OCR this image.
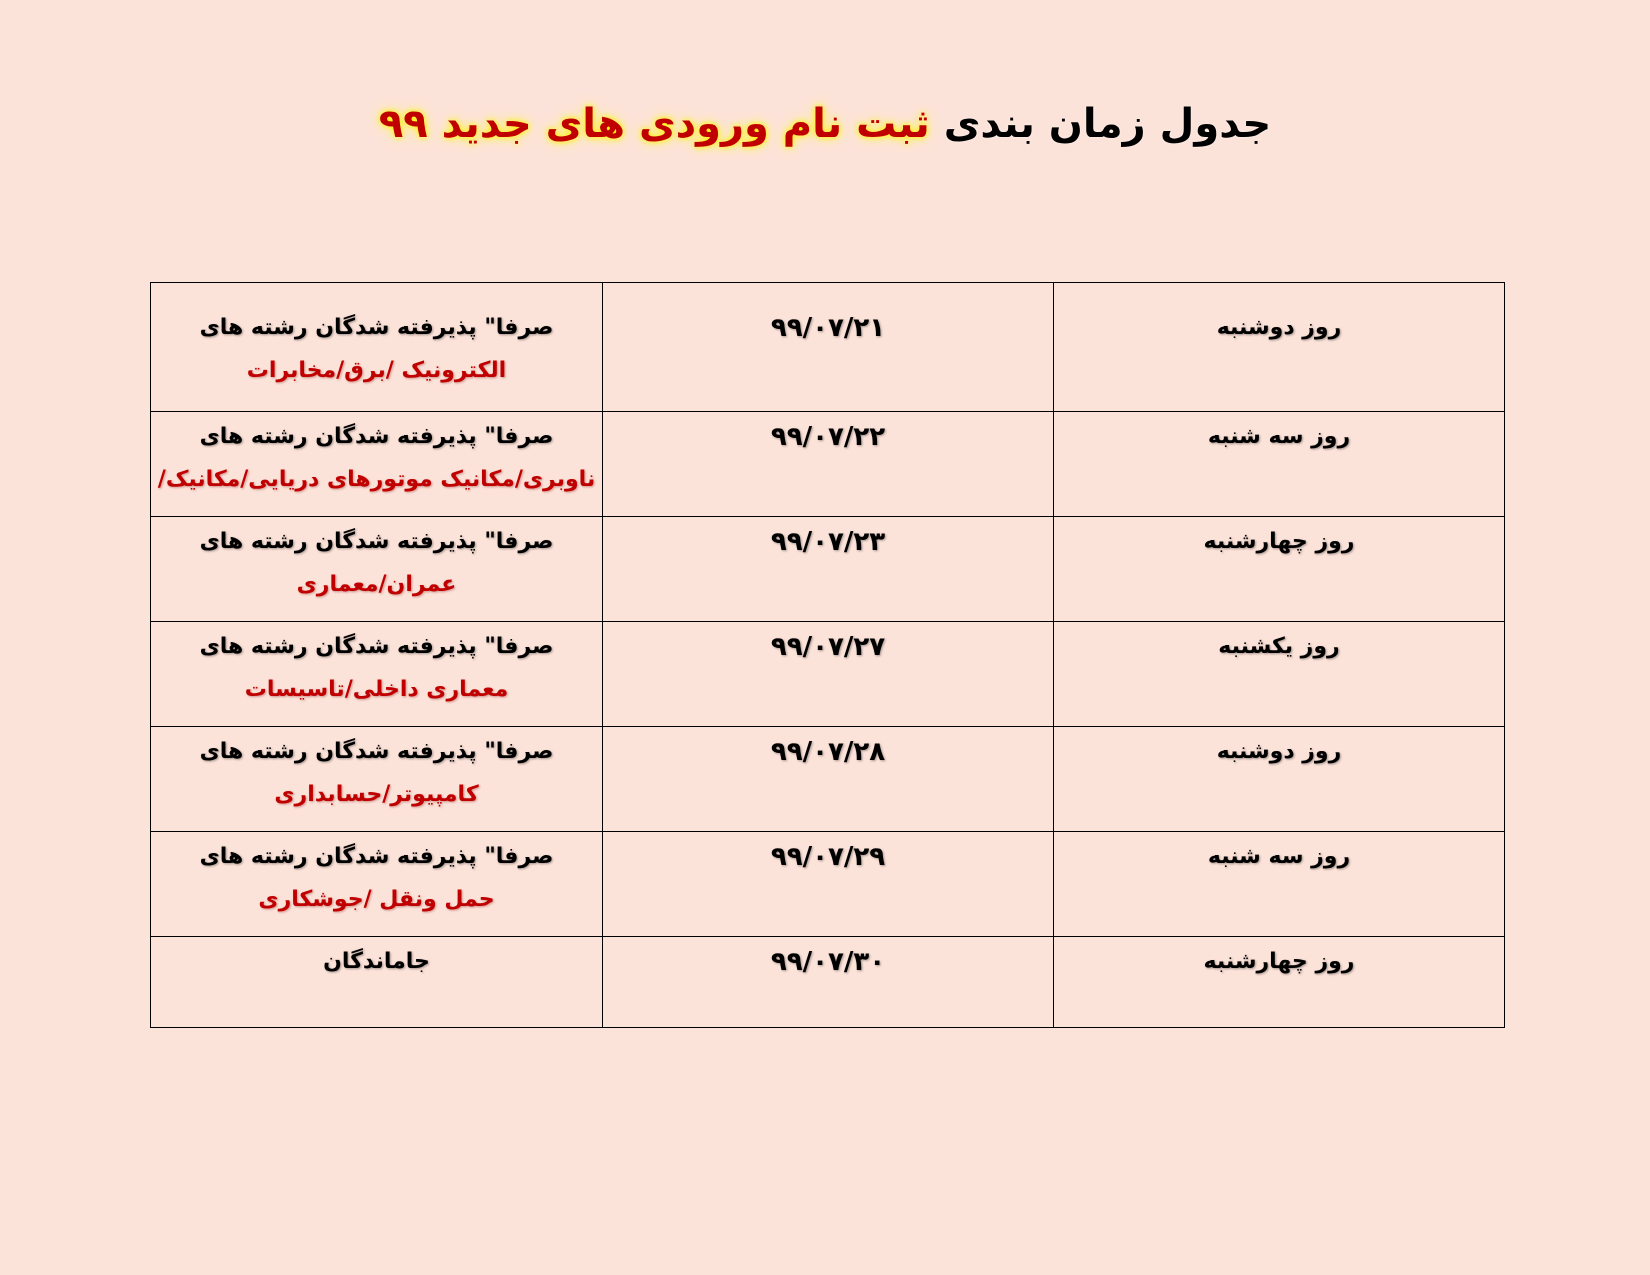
جدول زمان بندی ثبت نام ورودی های جدید ۹۹
روز دوشنبه	۹۹/۰۷/۲۱	صرفا" پذیرفته شدگان رشته های
الکترونیک /برق/مخابرات

روز سه شنبه	۹۹/۰۷/۲۲	صرفا" پذیرفته شدگان رشته های
ناوبری/مکانیک موتورهای دریایی/مکانیک/

روز چهارشنبه	۹۹/۰۷/۲۳	صرفا" پذیرفته شدگان رشته های
عمران/معماری

روز یکشنبه	۹۹/۰۷/۲۷	صرفا" پذیرفته شدگان رشته های
معماری داخلی/تاسیسات

روز دوشنبه	۹۹/۰۷/۲۸	صرفا" پذیرفته شدگان رشته های
کامپیوتر/حسابداری

روز سه شنبه	۹۹/۰۷/۲۹	صرفا" پذیرفته شدگان رشته های
حمل ونقل /جوشکاری

روز چهارشنبه	۹۹/۰۷/۳۰	جاماندگان
